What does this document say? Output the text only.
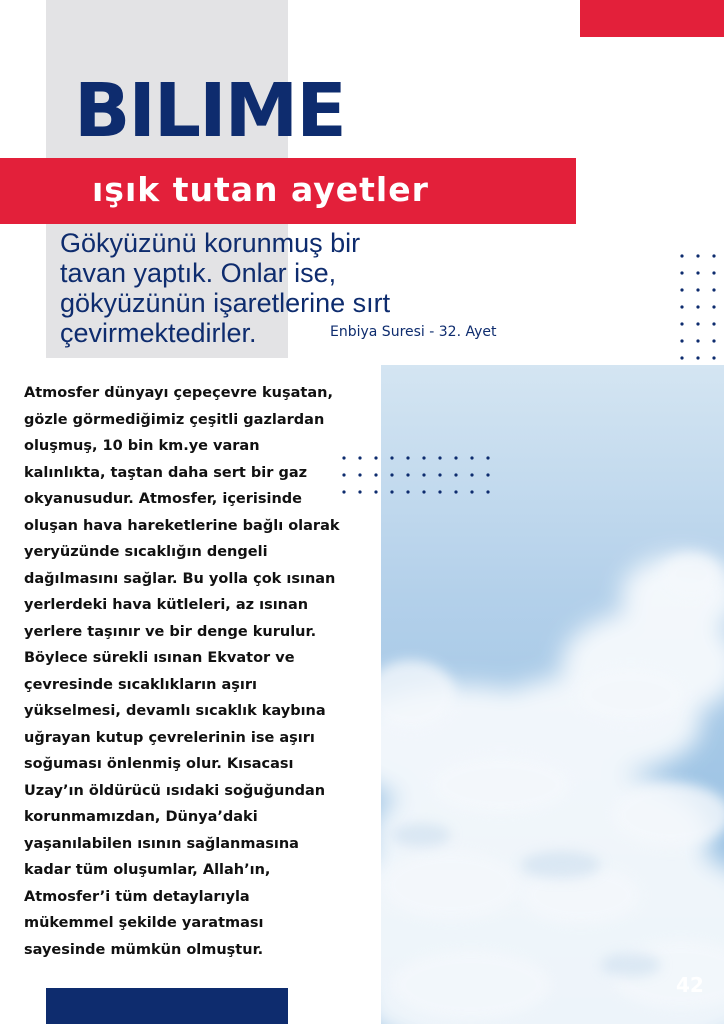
BILIME
ışık tutan ayetler

Gökyüzünü korunmuş bir
tavan yaptık. Onlar ise,
gökyüzünün işaretlerine sırt
çevirmektedirler.	Enbiya Suresi - 32. Ayet

Atmosfer dünyayı çepeçevre kuşatan,
gözle görmediğimiz çeşitli gazlardan
oluşmuş, 10 bin km.ye varan
kalınlıkta, taştan daha sert bir gaz
okyanusudur. Atmosfer, içerisinde
oluşan hava hareketlerine bağlı olarak
yeryüzünde sıcaklığın dengeli
dağılmasını sağlar. Bu yolla çok ısınan
yerlerdeki hava kütleleri, az ısınan
yerlere taşınır ve bir denge kurulur.
Böylece sürekli ısınan Ekvator ve
çevresinde sıcaklıkların aşırı
yükselmesi, devamlı sıcaklık kaybına
uğrayan kutup çevrelerinin ise aşırı
soğuması önlenmiş olur. Kısacası
Uzay’ın öldürücü ısıdaki soğuğundan
korunmamızdan, Dünya’daki
yaşanılabilen ısının sağlanmasına
kadar tüm oluşumlar, Allah’ın,
Atmosfer’i tüm detaylarıyla
mükemmel şekilde yaratması
sayesinde mümkün olmuştur.

42
